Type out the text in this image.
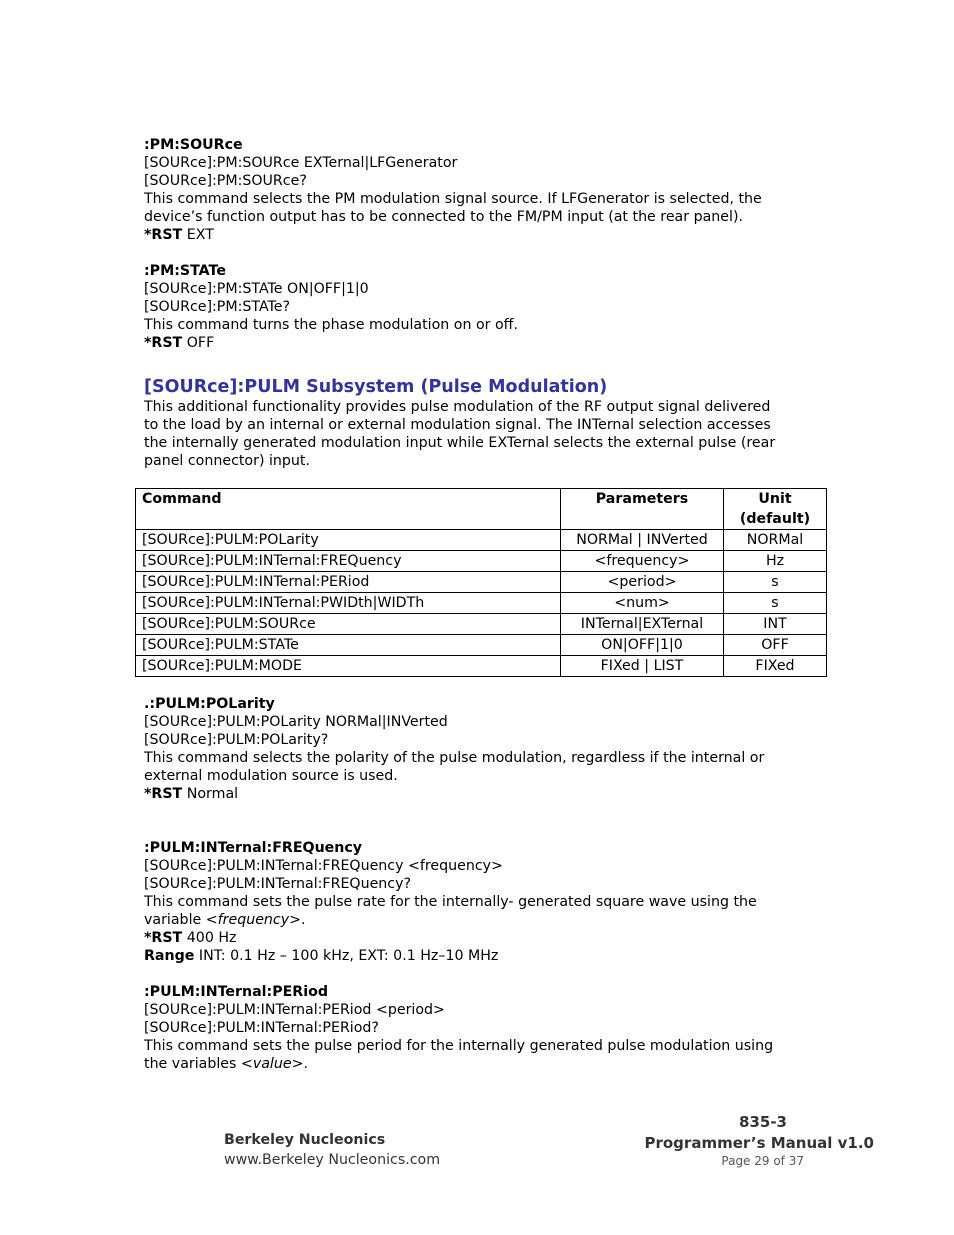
:PM:SOURce
[SOURce]:PM:SOURce EXTernal|LFGenerator
[SOURce]:PM:SOURce?
This command selects the PM modulation signal source. If LFGenerator is selected, the
device’s function output has to be connected to the FM/PM input (at the rear panel).
*RST EXT
:PM:STATe
[SOURce]:PM:STATe ON|OFF|1|0
[SOURce]:PM:STATe?
This command turns the phase modulation on or off.
*RST OFF
[SOURce]:PULM Subsystem (Pulse Modulation)
This additional functionality provides pulse modulation of the RF output signal delivered
to the load by an internal or external modulation signal. The INTernal selection accesses
the internally generated modulation input while EXTernal selects the external pulse (rear
panel connector) input.
Command	Parameters	Unit
(default)
[SOURce]:PULM:POLarity	NORMal | INVerted	NORMal
[SOURce]:PULM:INTernal:FREQuency	<frequency>	Hz
[SOURce]:PULM:INTernal:PERiod	<period>	s
[SOURce]:PULM:INTernal:PWIDth|WIDTh	<num>	s
[SOURce]:PULM:SOURce	INTernal|EXTernal	INT
[SOURce]:PULM:STATe	ON|OFF|1|0	OFF
[SOURce]:PULM:MODE	FIXed | LIST	FIXed
.:PULM:POLarity
[SOURce]:PULM:POLarity NORMal|INVerted
[SOURce]:PULM:POLarity?
This command selects the polarity of the pulse modulation, regardless if the internal or
external modulation source is used.
*RST Normal
:PULM:INTernal:FREQuency
[SOURce]:PULM:INTernal:FREQuency <frequency>
[SOURce]:PULM:INTernal:FREQuency?
This command sets the pulse rate for the internally- generated square wave using the
variable <frequency>.
*RST 400 Hz
Range INT: 0.1 Hz – 100 kHz, EXT: 0.1 Hz–10 MHz
:PULM:INTernal:PERiod
[SOURce]:PULM:INTernal:PERiod <period>
[SOURce]:PULM:INTernal:PERiod?
This command sets the pulse period for the internally generated pulse modulation using
the variables <value>.
Berkeley Nucleonics
www.Berkeley Nucleonics.com
835-3
Programmer’s Manual v1.0
Page 29 of 37
